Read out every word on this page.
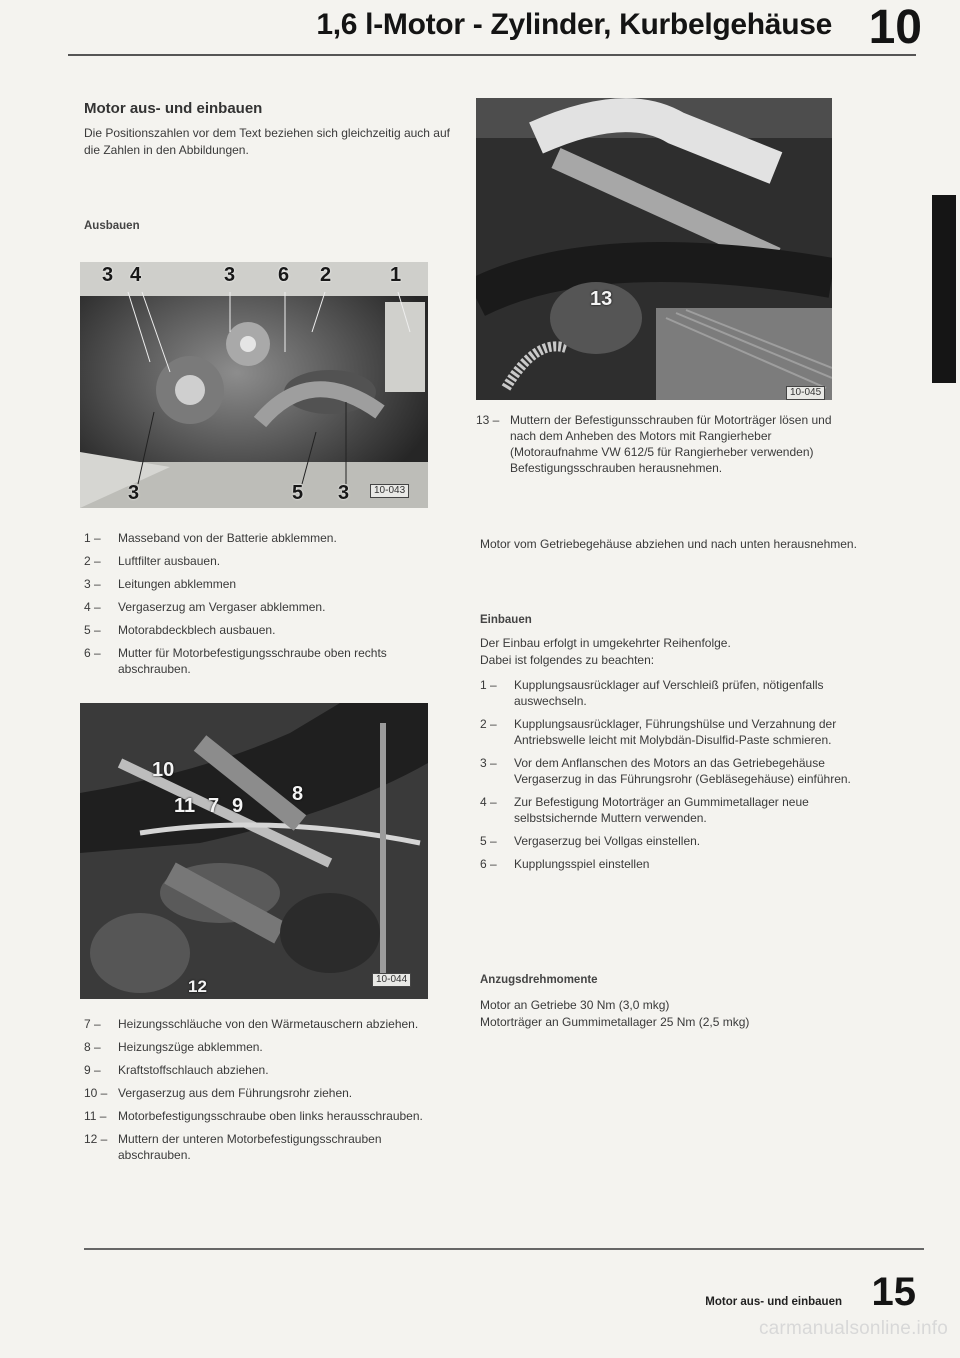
1,6 l-Motor - Zylinder, Kurbelgehäuse 10
Motor aus- und einbauen

Die Positionszahlen vor dem Text beziehen sich gleichzeitig auch auf die Zahlen in den Abbildungen.

Ausbauen

3 4	3 6 2	1
3	5 3	10-043
1 –	Masseband von der Batterie abklemmen.
2 –	Luftfilter ausbauen.
3 –	Leitungen abklemmen
4 –	Vergaserzug am Vergaser abklemmen.
5 –	Motorabdeckblech ausbauen.
6 –	Mutter für Motorbefestigungsschraube oben rechts abschrauben.
10
11 7 9
8
12	10-044
7 –	Heizungsschläuche von den Wärmetauschern abziehen.
8 –	Heizungszüge abklemmen.
9 –	Kraftstoffschlauch abziehen.
10 – Vergaserzug aus dem Führungsrohr ziehen.
11 – Motorbefestigungsschraube oben links herausschrauben.
12 – Muttern der unteren Motorbefestigungsschrauben abschrauben.
13
10-045
13 – Muttern der Befestigunsschrauben für Motorträger lösen und nach dem Anheben des Motors mit Rangierheber (Motoraufnahme VW 612/5 für Rangierheber verwenden) Befestigungsschrauben herausnehmen.

Motor vom Getriebegehäuse abziehen und nach unten herausnehmen.

Einbauen

Der Einbau erfolgt in umgekehrter Reihenfolge.

Dabei ist folgendes zu beachten:

1 –	Kupplungsausrücklager auf Verschleiß prüfen, nötigenfalls auswechseln.
2 –	Kupplungsausrücklager, Führungshülse und Verzahnung der Antriebswelle leicht mit Molybdän-Disulfid-Paste schmieren.
3 –	Vor dem Anflanschen des Motors an das Getriebegehäuse Vergaserzug in das Führungsrohr (Gebläsegehäuse) einführen.
4 –	Zur Befestigung Motorträger an Gummimetallager neue selbstsichernde Muttern verwenden.
5 –	Vergaserzug bei Vollgas einstellen.
6 –	Kupplungsspiel einstellen

Anzugsdrehmomente

Motor an Getriebe 30 Nm (3,0 mkg)

Motorträger an Gummimetallager 25 Nm (2,5 mkg)

Motor aus- und einbauen 15
carmanualsonline.info
